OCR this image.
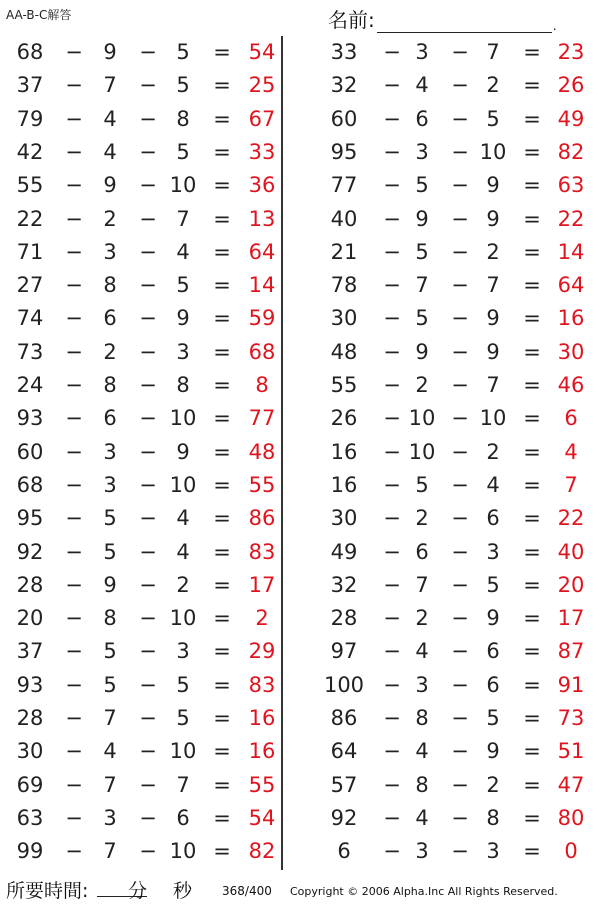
AA-B-C解答	名前:	.
68	− 9	− 5	= 54
37	− 7	− 5	= 25
79	− 4	− 8	= 67
42	− 4	− 5	= 33
55	− 9	− 10 = 36
22	− 2	− 7	= 13
71	− 3	− 4	= 64
27	− 8	− 5	= 14
74	− 6	− 9	= 59
73	− 2	− 3	= 68
24	− 8	− 8	=	8
93	− 6	− 10 = 77
60	− 3	− 9	= 48
68	− 3	− 10 = 55
95	− 5	− 4	= 86
92	− 5	− 4	= 83
28	− 9	− 2	= 17
20	− 8	− 10 =	2
37	− 5	− 3	= 29
93	− 5	− 5	= 83
28	− 7	− 5	= 16
30	− 4	− 10 = 16
69	− 7	− 7	= 55
63	− 3	− 6	= 54
99	− 7	− 10 = 82
33	− 3	− 7	= 23
32	− 4	− 2	= 26
60	− 6	− 5	= 49
95	− 3	− 10 = 82
77	− 5	− 9	= 63
40	− 9	− 9	= 22
21	− 5	− 2	= 14
78	− 7	− 7	= 64
30	− 5	− 9	= 16
48	− 9	− 9	= 30
55	− 2	− 7	= 46
26	− 10 − 10 =	6
16	− 10 − 2	=	4
16	− 5	− 4	=	7
30	− 2	− 6	= 22
49	− 6	− 3	= 40
32	− 7	− 5	= 20
28	− 2	− 9	= 17
97	− 4	− 6	= 87
100 − 3	− 6	= 91
86	− 8	− 5	= 73
64	− 4	− 9	= 51
57	− 8	− 2	= 47
92	− 4	− 8	= 80
6	− 3	− 3	=	0
所要時間: 分 秒 368/400 Copyright © 2006 Alpha.Inc All Rights Reserved.
